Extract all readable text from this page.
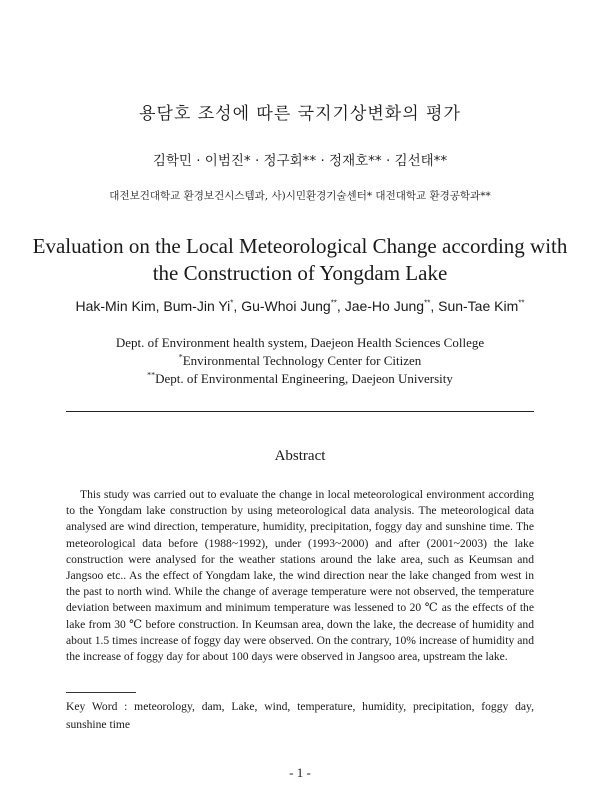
용담호 조성에 따른 국지기상변화의 평가
김학민 · 이범진* · 정구회** · 정재호** · 김선태**
대전보건대학교 환경보건시스템과, 사)시민환경기술센터* 대전대학교 환경공학과**
Evaluation on the Local Meteorological Change according with
the Construction of Yongdam Lake
Hak-Min Kim, Bum-Jin Yi*, Gu-Whoi Jung**, Jae-Ho Jung**, Sun-Tae Kim**
Dept. of Environment health system, Daejeon Health Sciences College
*Environmental Technology Center for Citizen
**Dept. of Environmental Engineering, Daejeon University
Abstract
This study was carried out to evaluate the change in local meteorological environment according to the Yongdam lake construction by using meteorological data analysis. The meteorological data analysed are wind direction, temperature, humidity, precipitation, foggy day and sunshine time. The meteorological data before (1988~1992), under (1993~2000) and after (2001~2003) the lake construction were analysed for the weather stations around the lake area, such as Keumsan and Jangsoo etc.. As the effect of Yongdam lake, the wind direction near the lake changed from west in the past to north wind. While the change of average temperature were not observed, the temperature deviation between maximum and minimum temperature was lessened to 20 ℃ as the effects of the lake from 30 ℃ before construction. In Keumsan area, down the lake, the decrease of humidity and about 1.5 times increase of foggy day were observed. On the contrary, 10% increase of humidity and the increase of foggy day for about 100 days were observed in Jangsoo area, upstream the lake.
Key Word : meteorology, dam, Lake, wind, temperature, humidity, precipitation, foggy day, sunshine time
- 1 -
